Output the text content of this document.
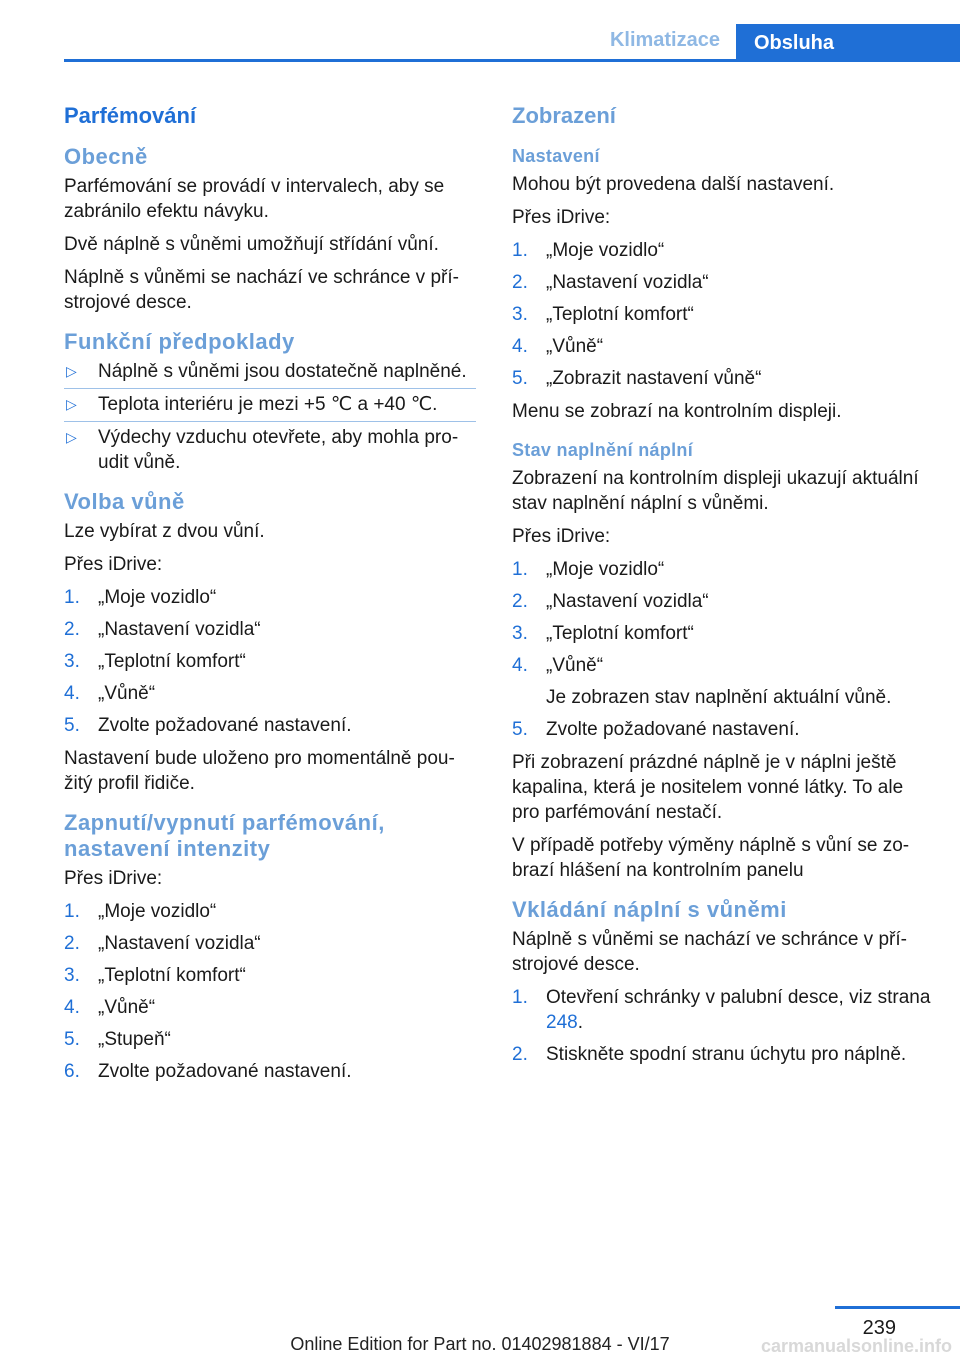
Klimatizace	Obsluha
Parfémování
Obecně

Parfémování se provádí v intervalech, aby se zabránilo efektu návyku.

Dvě náplně s vůněmi umožňují střídání vůní.

Náplně s vůněmi se nachází ve schránce v přístrojové desce.

Funkční předpoklady
▷ Náplně s vůněmi jsou dostatečně naplněné.
▷ Teplota interiéru je mezi +5 ℃ a +40 ℃.
▷ Výdechy vzduchu otevřete, aby mohla proudit vůně.
Volba vůně

Lze vybírat z dvou vůní.

Přes iDrive:

1. „Moje vozidlo“
2. „Nastavení vozidla“
3. „Teplotní komfort“
4. „Vůně“
5. Zvolte požadované nastavení.

Nastavení bude uloženo pro momentálně použitý profil řidiče.

Zapnutí/vypnutí parfémování,
nastavení intenzity

Přes iDrive:

1. „Moje vozidlo“
2. „Nastavení vozidla“
3. „Teplotní komfort“
4. „Vůně“
5. „Stupeň“
6. Zvolte požadované nastavení.
Zobrazení
Nastavení

Mohou být provedena další nastavení.

Přes iDrive:

1. „Moje vozidlo“
2. „Nastavení vozidla“
3. „Teplotní komfort“
4. „Vůně“
5. „Zobrazit nastavení vůně“

Menu se zobrazí na kontrolním displeji.

Stav naplnění náplní

Zobrazení na kontrolním displeji ukazují aktuální stav naplnění náplní s vůněmi.

Přes iDrive:

1. „Moje vozidlo“
2. „Nastavení vozidla“
3. „Teplotní komfort“
4. „Vůně“
Je zobrazen stav naplnění aktuální vůně.
5. Zvolte požadované nastavení.

Při zobrazení prázdné náplně je v náplni ještě kapalina, která je nositelem vonné látky. To ale pro parfémování nestačí.

V případě potřeby výměny náplně s vůní se zobrazí hlášení na kontrolním panelu

Vkládání náplní s vůněmi

Náplně s vůněmi se nachází ve schránce v přístrojové desce.

1. Otevření schránky v palubní desce, viz strana 248.
2. Stiskněte spodní stranu úchytu pro náplně.
239
Online Edition for Part no. 01402981884 - VI/17	carmanualsonline.info
